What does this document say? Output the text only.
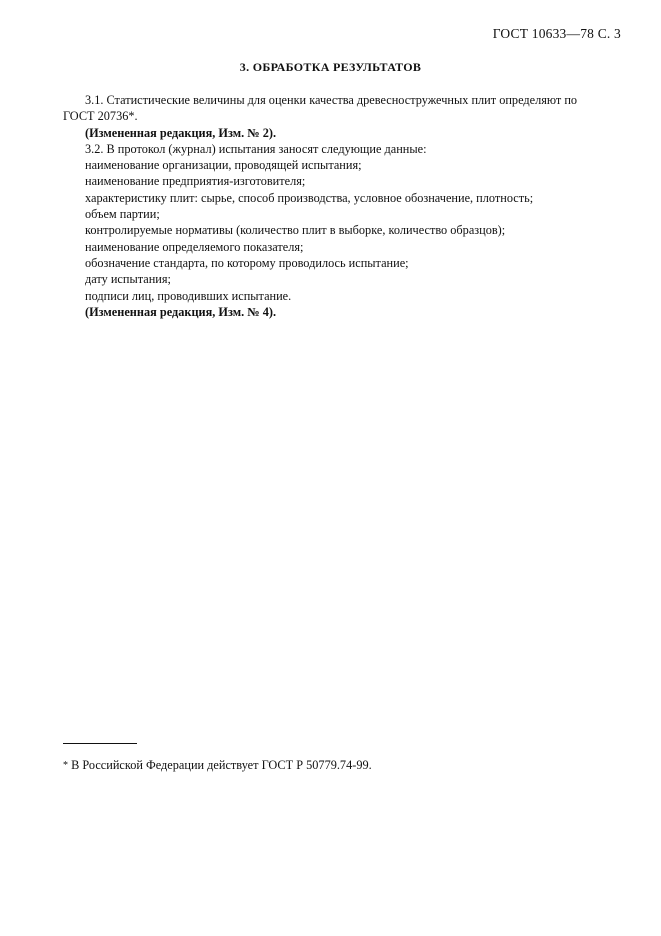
ГОСТ 10633—78 С. 3
3. ОБРАБОТКА РЕЗУЛЬТАТОВ
3.1. Статистические величины для оценки качества древесностружечных плит определяют по
ГОСТ 20736*.
(Измененная редакция, Изм. № 2).
3.2. В протокол (журнал) испытания заносят следующие данные:
наименование организации, проводящей испытания;
наименование предприятия-изготовителя;
характеристику плит: сырье, способ производства, условное обозначение, плотность;
объем партии;
контролируемые нормативы (количество плит в выборке, количество образцов);
наименование определяемого показателя;
обозначение стандарта, по которому проводилось испытание;
дату испытания;
подписи лиц, проводивших испытание.
(Измененная редакция, Изм. № 4).
* В Российской Федерации действует ГОСТ Р 50779.74-99.
